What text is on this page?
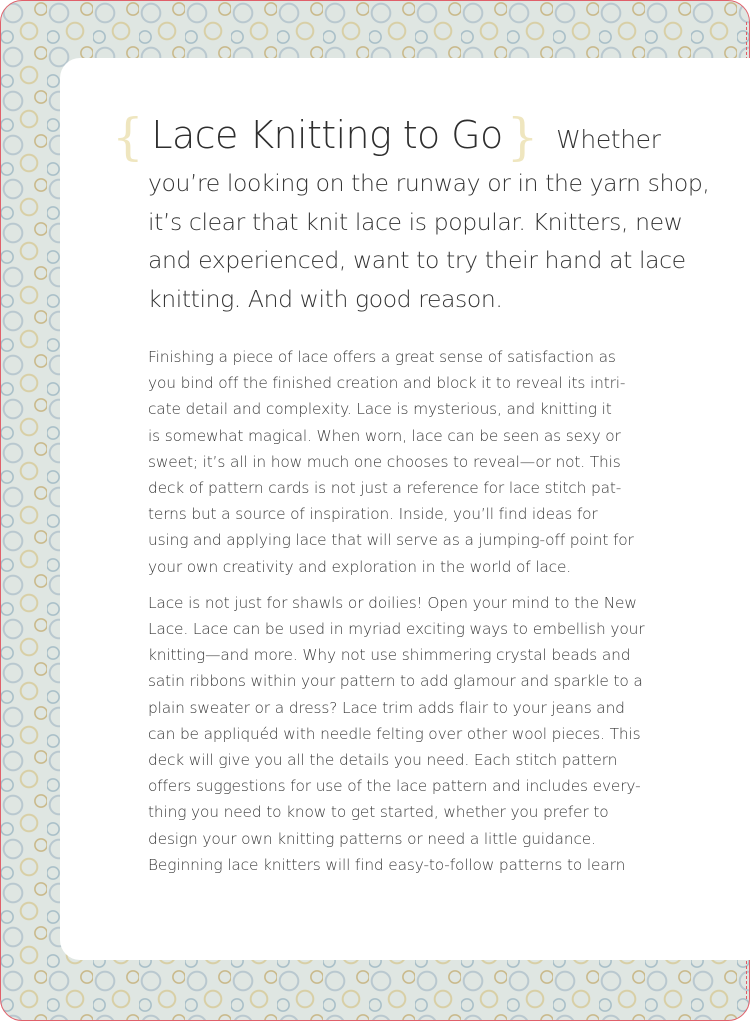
{ Lace Knitting to Go} Whether
you’re looking on the runway or in the yarn shop,
it’s clear that knit lace is popular. Knitters, new
and experienced, want to try their hand at lace
knitting. And with good reason.

Finishing a piece of lace offers a great sense of satisfaction as
you bind off the finished creation and block it to reveal its intri-
cate detail and complexity. Lace is mysterious, and knitting it
is somewhat magical. When worn, lace can be seen as sexy or
sweet; it’s all in how much one chooses to reveal—or not. This
deck of pattern cards is not just a reference for lace stitch pat-
terns but a source of inspiration. Inside, you’ll find ideas for
using and applying lace that will serve as a jumping-off point for
your own creativity and exploration in the world of lace.

Lace is not just for shawls or doilies! Open your mind to the New
Lace. Lace can be used in myriad exciting ways to embellish your
knitting—and more. Why not use shimmering crystal beads and
satin ribbons within your pattern to add glamour and sparkle to a
plain sweater or a dress? Lace trim adds flair to your jeans and
can be appliquéd with needle felting over other wool pieces. This
deck will give you all the details you need. Each stitch pattern
offers suggestions for use of the lace pattern and includes every-
thing you need to know to get started, whether you prefer to
design your own knitting patterns or need a little guidance.
Beginning lace knitters will find easy-to-follow patterns to learn
